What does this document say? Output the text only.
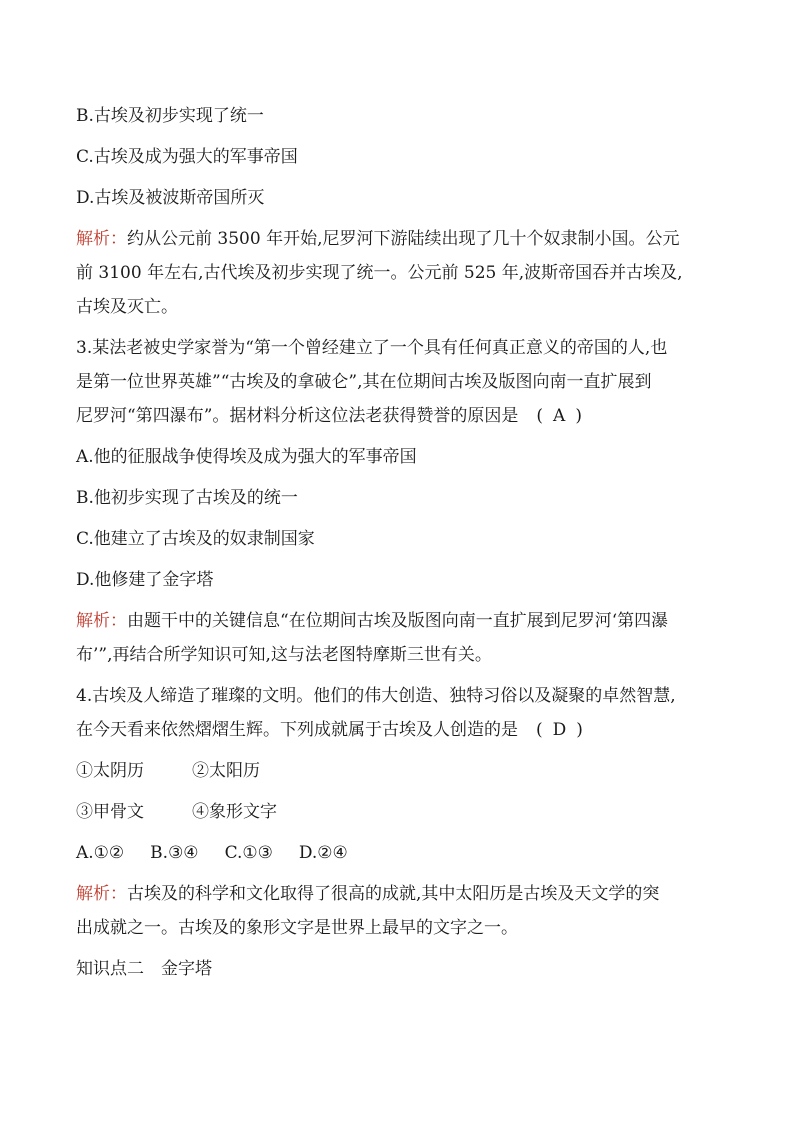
B.古埃及初步实现了统一
C.古埃及成为强大的军事帝国
D.古埃及被波斯帝国所灭
解析：约从公元前 3500 年开始,尼罗河下游陆续出现了几十个奴隶制小国。公元
前 3100 年左右,古代埃及初步实现了统一。公元前 525 年,波斯帝国吞并古埃及,
古埃及灭亡。
3.某法老被史学家誉为“第一个曾经建立了一个具有任何真正意义的帝国的人,也
是第一位世界英雄”“古埃及的拿破仑”,其在位期间古埃及版图向南一直扩展到
尼罗河“第四瀑布”。据材料分析这位法老获得赞誉的原因是 ( A )
A.他的征服战争使得埃及成为强大的军事帝国
B.他初步实现了古埃及的统一
C.他建立了古埃及的奴隶制国家
D.他修建了金字塔
解析：由题干中的关键信息“在位期间古埃及版图向南一直扩展到尼罗河‘第四瀑
布’”,再结合所学知识可知,这与法老图特摩斯三世有关。
4.古埃及人缔造了璀璨的文明。他们的伟大创造、独特习俗以及凝聚的卓然智慧,
在今天看来依然熠熠生辉。下列成就属于古埃及人创造的是 ( D )
①太阴历	②太阳历
③甲骨文	④象形文字
A.①② B.③④ C.①③ D.②④
解析：古埃及的科学和文化取得了很高的成就,其中太阳历是古埃及天文学的突
出成就之一。古埃及的象形文字是世界上最早的文字之一。
知识点二　金字塔
